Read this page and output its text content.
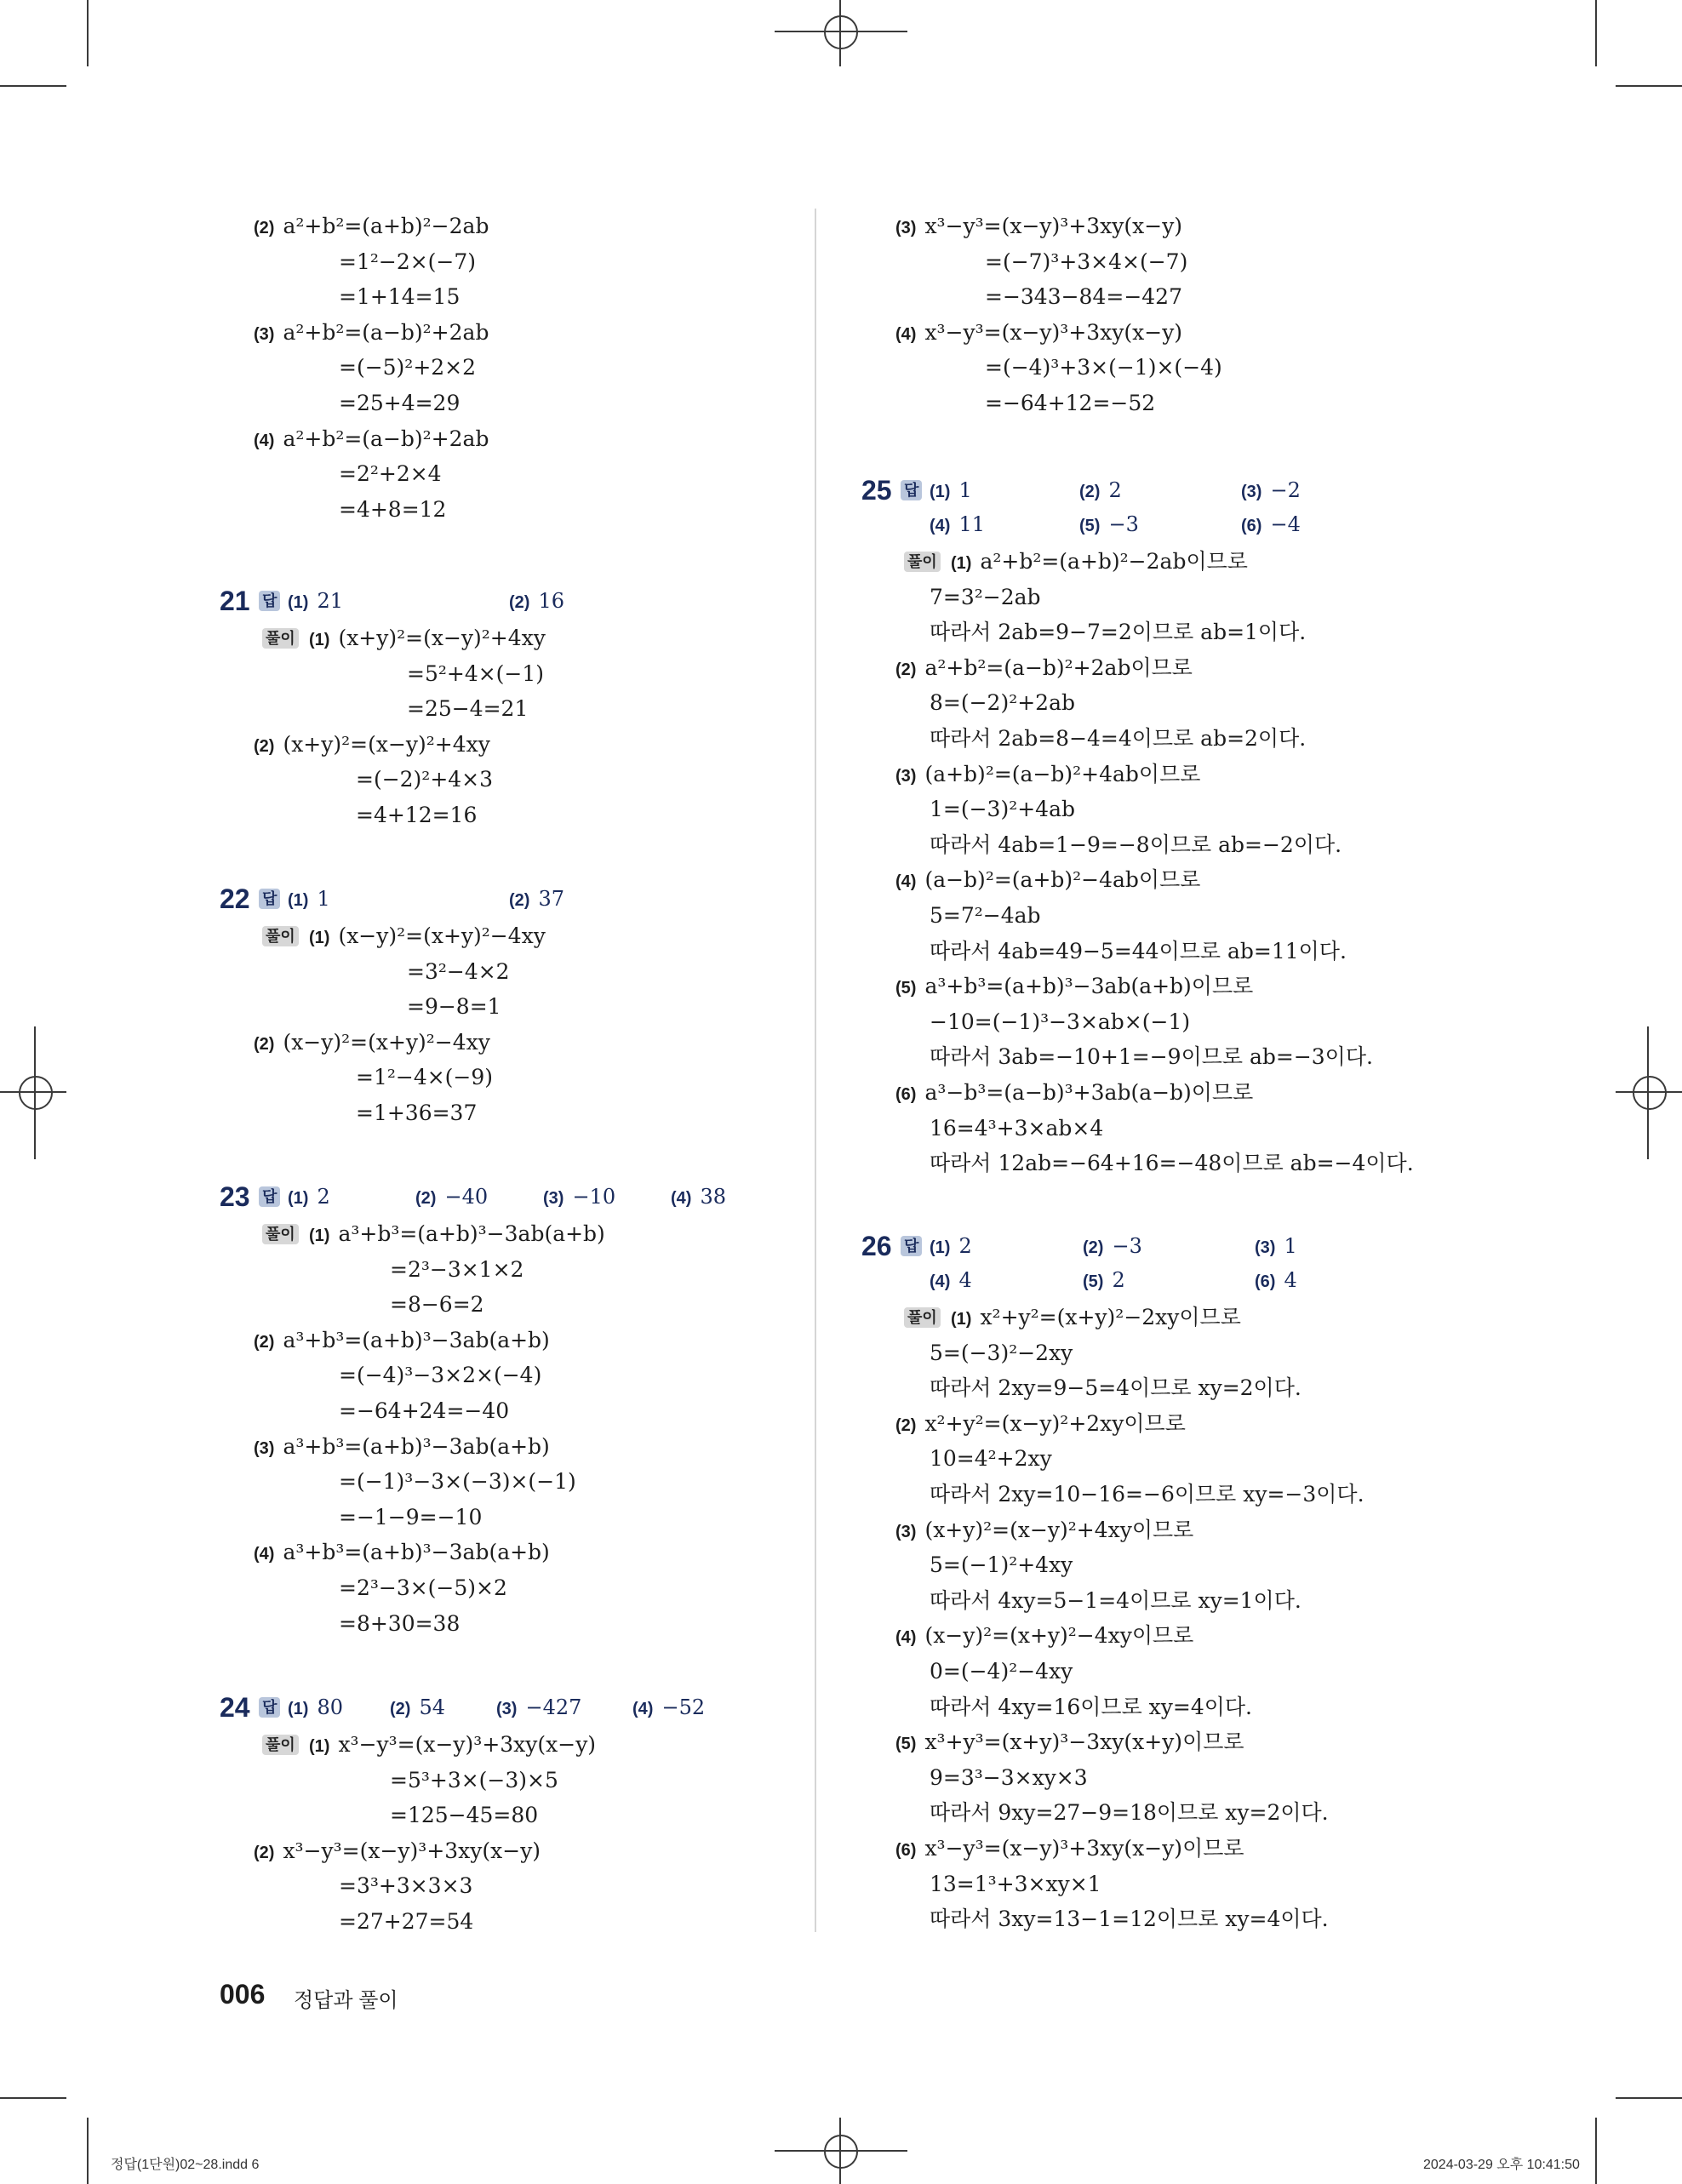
(2) a²+b²=(a+b)²−2ab
=1²−2×(−7)
=1+14=15
(3) a²+b²=(a−b)²+2ab
=(−5)²+2×2
=25+4=29
(4) a²+b²=(a−b)²+2ab
=2²+2×4
=4+8=12
21 답 (1) 21	(2) 16
풀이 (1) (x+y)²=(x−y)²+4xy
=5²+4×(−1)
=25−4=21
(2) (x+y)²=(x−y)²+4xy
=(−2)²+4×3
=4+12=16
22 답 (1) 1	(2) 37
풀이 (1) (x−y)²=(x+y)²−4xy
=3²−4×2
=9−8=1
(2) (x−y)²=(x+y)²−4xy
=1²−4×(−9)
=1+36=37
23 답 (1) 2	(2) −40	(3) −10	(4) 38
풀이 (1) a³+b³=(a+b)³−3ab(a+b)
=2³−3×1×2
=8−6=2
(2) a³+b³=(a+b)³−3ab(a+b)
=(−4)³−3×2×(−4)
=−64+24=−40
(3) a³+b³=(a+b)³−3ab(a+b)
=(−1)³−3×(−3)×(−1)
=−1−9=−10
(4) a³+b³=(a+b)³−3ab(a+b)
=2³−3×(−5)×2
=8+30=38
24 답 (1) 80	(2) 54	(3) −427	(4) −52
풀이 (1) x³−y³=(x−y)³+3xy(x−y)
=5³+3×(−3)×5
=125−45=80
(2) x³−y³=(x−y)³+3xy(x−y)
=3³+3×3×3
=27+27=54
(3) x³−y³=(x−y)³+3xy(x−y)
=(−7)³+3×4×(−7)
=−343−84=−427
(4) x³−y³=(x−y)³+3xy(x−y)
=(−4)³+3×(−1)×(−4)
=−64+12=−52
25 답 (1) 1	(2) 2	(3) −2
(4) 11	(5) −3	(6) −4
풀이 (1) a²+b²=(a+b)²−2ab이므로
7=3²−2ab
따라서 2ab=9−7=2이므로 ab=1이다.
(2) a²+b²=(a−b)²+2ab이므로
8=(−2)²+2ab
따라서 2ab=8−4=4이므로 ab=2이다.
(3) (a+b)²=(a−b)²+4ab이므로
1=(−3)²+4ab
따라서 4ab=1−9=−8이므로 ab=−2이다.
(4) (a−b)²=(a+b)²−4ab이므로
5=7²−4ab
따라서 4ab=49−5=44이므로 ab=11이다.
(5) a³+b³=(a+b)³−3ab(a+b)이므로
−10=(−1)³−3×ab×(−1)
따라서 3ab=−10+1=−9이므로 ab=−3이다.
(6) a³−b³=(a−b)³+3ab(a−b)이므로
16=4³+3×ab×4
따라서 12ab=−64+16=−48이므로 ab=−4이다.
26 답 (1) 2	(2) −3	(3) 1
(4) 4	(5) 2	(6) 4
풀이 (1) x²+y²=(x+y)²−2xy이므로
5=(−3)²−2xy
따라서 2xy=9−5=4이므로 xy=2이다.
(2) x²+y²=(x−y)²+2xy이므로
10=4²+2xy
따라서 2xy=10−16=−6이므로 xy=−3이다.
(3) (x+y)²=(x−y)²+4xy이므로
5=(−1)²+4xy
따라서 4xy=5−1=4이므로 xy=1이다.
(4) (x−y)²=(x+y)²−4xy이므로
0=(−4)²−4xy
따라서 4xy=16이므로 xy=4이다.
(5) x³+y³=(x+y)³−3xy(x+y)이므로
9=3³−3×xy×3
따라서 9xy=27−9=18이므로 xy=2이다.
(6) x³−y³=(x−y)³+3xy(x−y)이므로
13=1³+3×xy×1
따라서 3xy=13−1=12이므로 xy=4이다.
006 정답과 풀이
정답(1단원)02~28.indd 6	2024-03-29 오후 10:41:50
